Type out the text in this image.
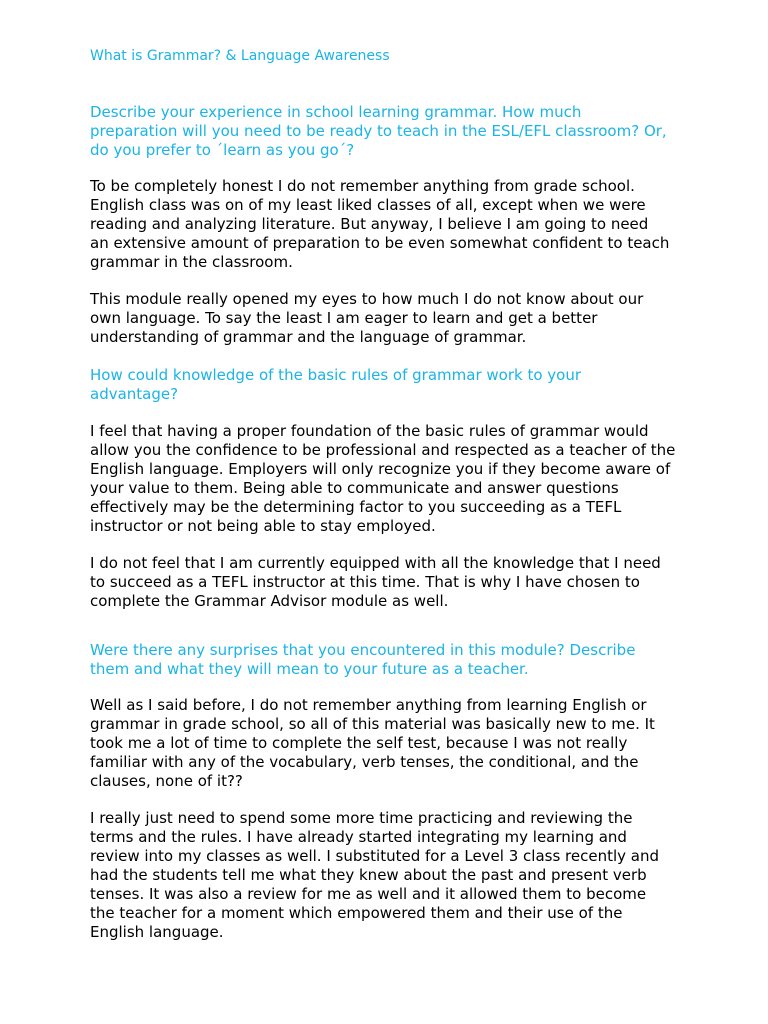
What is Grammar? & Language Awareness

Describe your experience in school learning grammar. How much
preparation will you need to be ready to teach in the ESL/EFL classroom? Or,
do you prefer to ´learn as you go´?

To be completely honest I do not remember anything from grade school.
English class was on of my least liked classes of all, except when we were
reading and analyzing literature. But anyway, I believe I am going to need
an extensive amount of preparation to be even somewhat confident to teach
grammar in the classroom.

This module really opened my eyes to how much I do not know about our
own language. To say the least I am eager to learn and get a better
understanding of grammar and the language of grammar.

How could knowledge of the basic rules of grammar work to your
advantage?

I feel that having a proper foundation of the basic rules of grammar would
allow you the confidence to be professional and respected as a teacher of the
English language. Employers will only recognize you if they become aware of
your value to them. Being able to communicate and answer questions
effectively may be the determining factor to you succeeding as a TEFL
instructor or not being able to stay employed.

I do not feel that I am currently equipped with all the knowledge that I need
to succeed as a TEFL instructor at this time. That is why I have chosen to
complete the Grammar Advisor module as well.

Were there any surprises that you encountered in this module? Describe
them and what they will mean to your future as a teacher.

Well as I said before, I do not remember anything from learning English or
grammar in grade school, so all of this material was basically new to me. It
took me a lot of time to complete the self test, because I was not really
familiar with any of the vocabulary, verb tenses, the conditional, and the
clauses, none of it??

I really just need to spend some more time practicing and reviewing the
terms and the rules. I have already started integrating my learning and
review into my classes as well. I substituted for a Level 3 class recently and
had the students tell me what they knew about the past and present verb
tenses. It was also a review for me as well and it allowed them to become
the teacher for a moment which empowered them and their use of the
English language.
